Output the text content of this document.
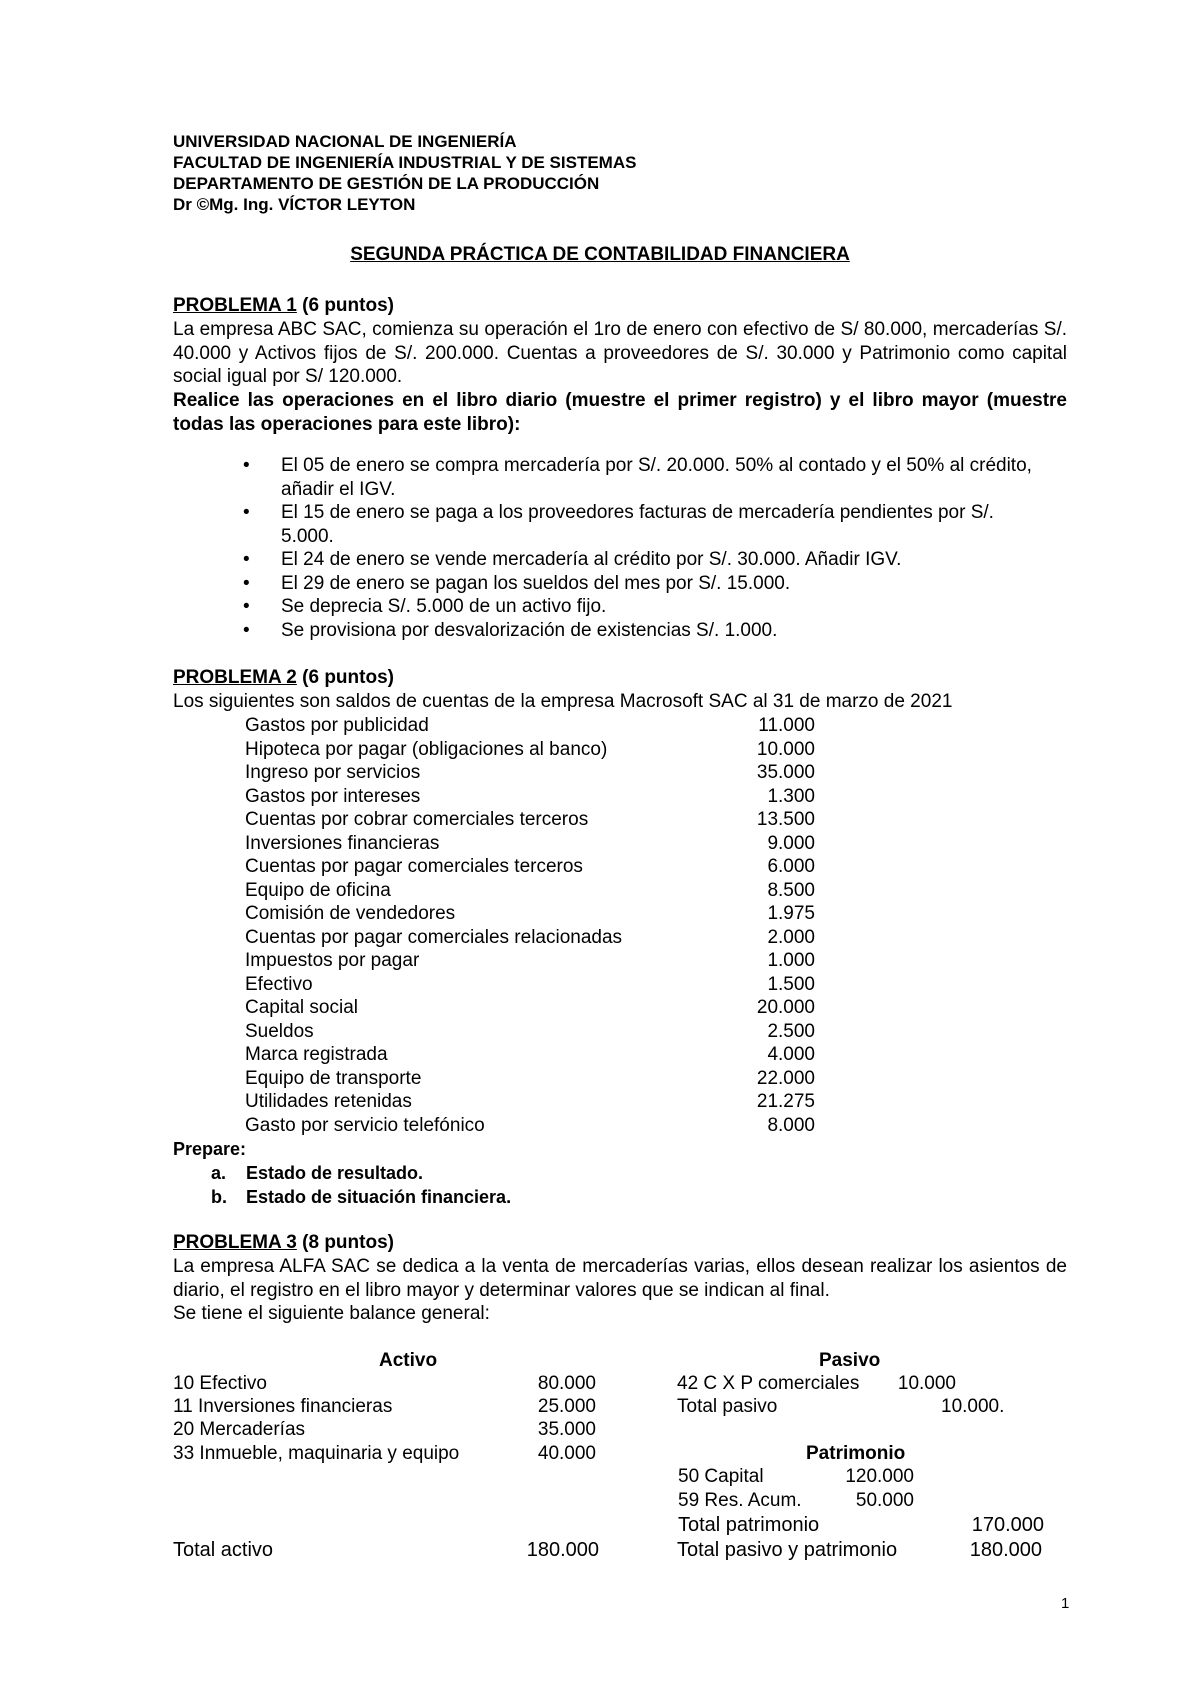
UNIVERSIDAD NACIONAL DE INGENIERÍA
FACULTAD DE INGENIERÍA INDUSTRIAL Y DE SISTEMAS
DEPARTAMENTO DE GESTIÓN DE LA PRODUCCIÓN
Dr ©Mg. Ing. VÍCTOR LEYTON
SEGUNDA PRÁCTICA DE CONTABILIDAD FINANCIERA
PROBLEMA 1 (6 puntos)
La empresa ABC SAC, comienza su operación el 1ro de enero con efectivo de S/ 80.000, mercaderías S/. 40.000 y Activos fijos de S/. 200.000. Cuentas a proveedores de S/. 30.000 y Patrimonio como capital social igual por S/ 120.000.
Realice las operaciones en el libro diario (muestre el primer registro) y el libro mayor (muestre todas las operaciones para este libro):
• El 05 de enero se compra mercadería por S/. 20.000. 50% al contado y el 50% al crédito, añadir el IGV.
• El 15 de enero se paga a los proveedores facturas de mercadería pendientes por S/. 5.000.
• El 24 de enero se vende mercadería al crédito por S/. 30.000. Añadir IGV.
• El 29 de enero se pagan los sueldos del mes por S/. 15.000.
• Se deprecia S/. 5.000 de un activo fijo.
• Se provisiona por desvalorización de existencias S/. 1.000.
PROBLEMA 2 (6 puntos)
Los siguientes son saldos de cuentas de la empresa Macrosoft SAC al 31 de marzo de 2021
Gastos por publicidad	11.000
Hipoteca por pagar (obligaciones al banco)	10.000
Ingreso por servicios	35.000
Gastos por intereses	1.300
Cuentas por cobrar comerciales terceros	13.500
Inversiones financieras	9.000
Cuentas por pagar comerciales terceros	6.000
Equipo de oficina	8.500
Comisión de vendedores	1.975
Cuentas por pagar comerciales relacionadas	2.000
Impuestos por pagar	1.000
Efectivo	1.500
Capital social	20.000
Sueldos	2.500
Marca registrada	4.000
Equipo de transporte	22.000
Utilidades retenidas	21.275
Gasto por servicio telefónico	8.000
Prepare:
a. Estado de resultado.
b. Estado de situación financiera.
PROBLEMA 3 (8 puntos)
La empresa ALFA SAC se dedica a la venta de mercaderías varias, ellos desean realizar los asientos de diario, el registro en el libro mayor y determinar valores que se indican al final.
Se tiene el siguiente balance general:
Activo
10 Efectivo	80.000
11 Inversiones financieras	25.000
20 Mercaderías	35.000
33 Inmueble, maquinaria y equipo	40.000
Total activo	180.000
Pasivo
42 C X P comerciales	10.000
Total pasivo	10.000.
Patrimonio
50 Capital	120.000
59 Res. Acum.	50.000
Total patrimonio	170.000
Total pasivo y patrimonio	180.000
1
